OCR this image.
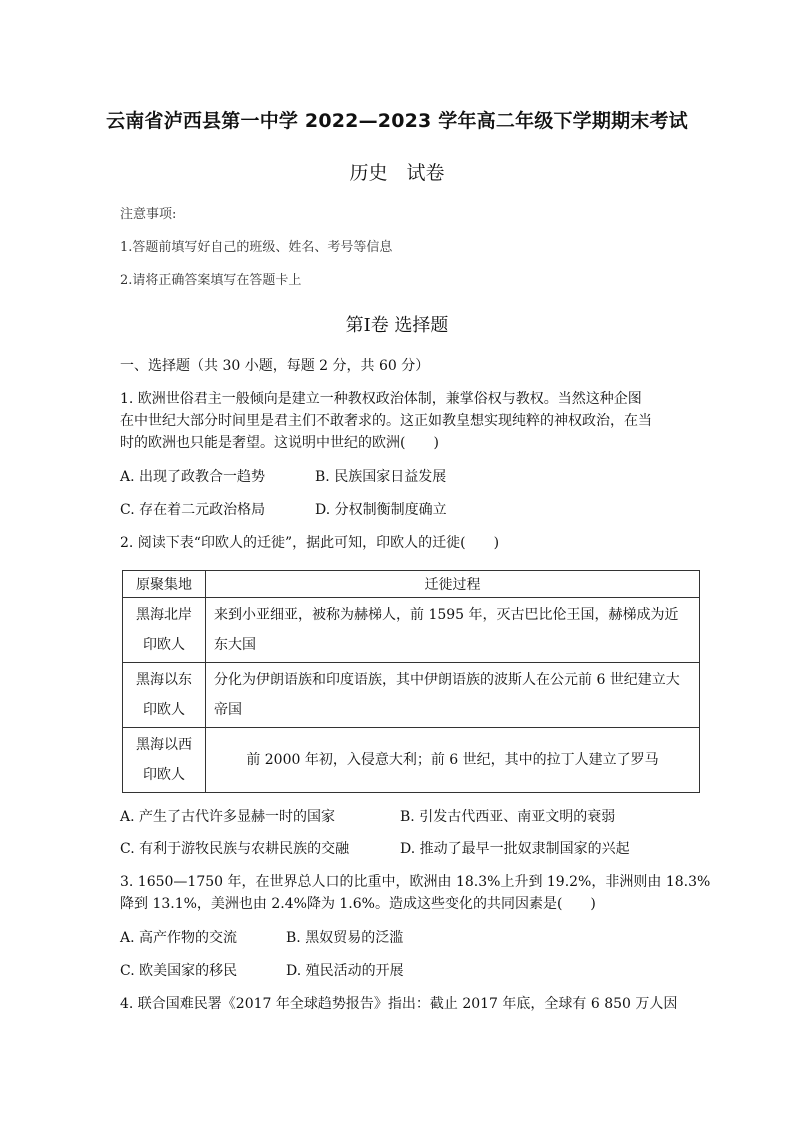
云南省泸西县第一中学 2022—2023 学年高二年级下学期期末考试
历史　试卷
注意事项:
1.答题前填写好自己的班级、姓名、考号等信息
2.请将正确答案填写在答题卡上
第Ⅰ卷 选择题
一、选择题（共 30 小题，每题 2 分，共 60 分）
1. 欧洲世俗君主一般倾向是建立一种教权政治体制，兼掌俗权与教权。当然这种企图
在中世纪大部分时间里是君主们不敢奢求的。这正如教皇想实现纯粹的神权政治，在当
时的欧洲也只能是奢望。这说明中世纪的欧洲(　　)
A. 出现了政教合一趋势	B. 民族国家日益发展
C. 存在着二元政治格局	D. 分权制衡制度确立
2. 阅读下表“印欧人的迁徙”，据此可知，印欧人的迁徙(　　)
原聚集地	迁徙过程

黑海北岸
印欧人	来到小亚细亚，被称为赫梯人，前 1595 年，灭古巴比伦王国，赫梯成为近东大国

黑海以东
印欧人	分化为伊朗语族和印度语族，其中伊朗语族的波斯人在公元前 6 世纪建立大帝国

黑海以西
印欧人	前 2000 年初，入侵意大利；前 6 世纪，其中的拉丁人建立了罗马
A. 产生了古代许多显赫一时的国家	B. 引发古代西亚、南亚文明的衰弱
C. 有利于游牧民族与农耕民族的交融	D. 推动了最早一批奴隶制国家的兴起
3. 1650—1750 年，在世界总人口的比重中，欧洲由 18.3%上升到 19.2%，非洲则由 18.3%
降到 13.1%，美洲也由 2.4%降为 1.6%。造成这些变化的共同因素是(　　)
A. 高产作物的交流	B. 黑奴贸易的泛滥
C. 欧美国家的移民	D. 殖民活动的开展
4. 联合国难民署《2017 年全球趋势报告》指出：截止 2017 年底，全球有 6 850 万人因
